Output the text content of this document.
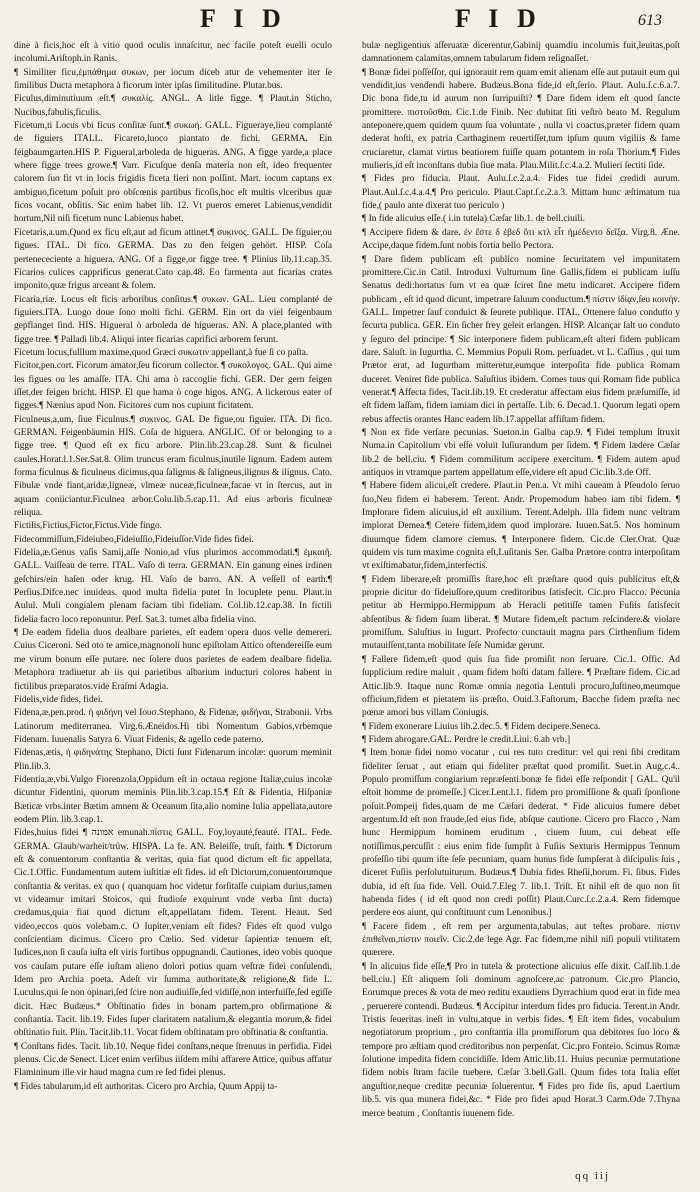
F I D	F I D	613

dine à ficis,hoc eſt à vitio quod oculis innaſcitur, nec facile poteſt euelli oculo incolumi.Ariſtoph.in Ranis.

¶ Similiter ficu,ἐμπάθημα συκων, per iocum diceb atur de vehementer iter ſe ſimilibus Ducta metaphora à ficorum inter ipſas ſimilitudine. Plutar.bus.

Ficulus,diminutiuum eſt.¶ συκαλίς. ANGL. A litle figge. ¶ Plaut.in Sticho, Nucibus,fabulis,ficulis.

Ficetum,ti Locus vbi ficus conſitæ ſunt.¶ συκωή. GALL. Figueraye,lieu complanté de figuiers ITALL. Ficareto,luoco piantato de fichi. GERMA. Ein feigbaumgarten.HIS P. Figueral,arboleda de higueras. ANG. A figge yarde,a place where figge trees growe.¶ Varr. Ficuſque denſa materia non eſt, ideo frequenter calorem ſuo fit vt in locis frigidis ficeta fieri non poſſint. Mart. iocum captans ex ambiguo,ficetum poſuit pro obſcœnis partibus ficoſis,hoc eſt multis vlceribus quæ ficos vocant, obſitis. Sic enim habet lib. 12. Vt pueros emeret Labienus,vendidit hortum,Nil niſi ficetum nunc Labienus habet.

Ficetaris,a.um.Quod ex ficu eſt,aut ad ficum attinet.¶ συκινος. GALL. De figuier,ou figues. ITAL. Di fico. GERMA. Das zu den feigen gehört. HISP. Coſa pertenececiente a higuera. ANG. Of a figge,or figge tree. ¶ Plinius lib.11.cap.35. Ficarios culices capprificus generat.Cato cap.48. Eo farmenta aut ficarias crates imponito,quæ frigus arceant & folem.

Ficaria,riæ. Locus eſt ficis arboribus conſitus.¶ συκων. GAL. Lieu complanté de figuiers.ITA. Luogo doue ſono molti fichi. GERM. Ein ort da viel feigenbaum gepflanget ſind. HIS. Higueral ò arboleda de higueras. AN. A place,planted with figge tree. ¶ Palladi lib.4. Aliqui inter ficarias caprifici arborem ferunt.

Ficetum locus,fulllum maxime,quod Græci συκωτιν appellant,à fue ſi co paſta.

Ficitor,pen.cort. Ficorum amator,ſeu ficorum collector. ¶ συκολογος. GAL. Qui aime les figues ou les amaſſe. ITA. Chi ama ò raccoglie fichi. GER. Der gern feigen iſſet,der feigen bricht. HISP. El que hama ò coge higos. ANG. A lickerous eater of figges.¶ Nænius apud Non. Ficitores cum nos cupiunt ficitatem.

Ficulneus,a,um, ſiue Ficulnus.¶ συκινος. GAL De figue,ou figuier. ITA. Di fico. GERMAN. Feigenbäumin HIS. Coſa de higuera. ANGLIC. Of or belonging to a figge tree. ¶ Quod eſt ex ficu arbore. Plin.lib.23.cap.28. Sunt & ficulnei caules.Horat.l.1.Ser.Sat.8. Olim truncus eram ficulnus,inutile lignum. Eadem autem forma ficulnus & ficulneus dicimus,qua ſalignus & ſaligneus,ilignus & ilignus. Cato. Fibulæ vnde fiant,aridæ,ligneæ, vlmeæ nuceæ,ficulneæ,facae vt in ſtercus, aut in aquam coniiciantur.Ficulnea arbor.Colu.lib.5.cap.11. Ad eius arboris ficulneæ reliqua.

Fictilis,Fictius,Fictor,Fictus.Vide fingo.

Fidecommiſſum,Fideiubeo,Fideiuſſio,Fideiuſſor.Vide fides fidei.

Fidelia,æ.Genus vaſis Samij,aſſe Nonio,ad vſus plurimos accommodati.¶ ἐμκαιῆ. GALL. Vaiſſeau de terre. ITAL. Vaſo di terra. GERMAN. Ein ganung eines irdinen geſchirs/ein haſen oder krug. HI. Vaſo de barro. AN. A veſſell of earth.¶ Perſius.Difce.nec inuideas. quod multa fidelia putet In locuplete penu. Plaut.in Aulul. Muli congialem plenam faciam tibi fideliam. Col.lib.12.cap.38. In fictili fidelia facro loco reponuntur. Perſ. Sat.3. tumet alba fidelia vino.

¶ De eadem fidelia duos dealbare parietes, eſt eadem opera duos velle demereri. Cuius Ciceroni. Sed oto te amice,magnonolí hunc epiſtolam Attico oftendereiſſe eum me virum bonum eſſe putare. nec ſolere duos parietes de eadem dealbare fidelia. Metaphora tradiuetur ab iis qui parietibus albarium inducturi colores habent in fictilibus præparatos.vide Eraſmi Adagia.

Fidelis,vide fides, fidei.

Fidena,æ,pen.prod. ἡ φιδήνη vel Ιουσ.Stephano, & Fidenæ, φιδήναι, Strabonii. Vrbs Latinorum mediterranea. Virg.6.Æneidos.Hi tibi Nomentum Gabios,vrbemque Fidenam. Iuuenalis Satyra 6. Viuat Fidenis, & agello cede paterno.

Fidenas,ætis, ἡ φιδηνάτης Stephano, Dicti ſunt Fidenarum incolæ: quorum meminit Plin.lib.3.

Fidentia,æ,vbi.Vulgo Fiorenzola,Oppidum eſt in octaua regione Italiæ,cuius incolæ dicuntur Fidentini, quorum meminis Plin.lib.3.cap.15.¶ Eſt & Fidentia, Hiſpaniæ Bæticæ vrbs.inter Bætim amnem & Oceanum ſita,alio nomine Iulia appellata,autore eodem Plin. lib.3.cap.1.

Fides,huius fidei ¶ אמונה emunah.πίστις GALL. Foy,loyauté,feauté. ITAL. Fede. GERMA. Glaub/warheit/trüw. HISPA. La fe. AN. Beleiſſe, truſt, faith. ¶ Dictorum eſt & conuentorum conſtantia & veritas, quia fiat quod dictum eſt fic appellata, Cic.1.Offic. Fundamentum autem iuſtitiæ eſt fides. id eſt Dictorum,conuentorumque conſtantia & veritas. ex quo ( quanquam hoc videtur forſitaſſe cuipiam durius,tamen vt videamur imitari Stoicos, qui ſtudioſe exquirunt vnde verba ſint ducta) credamus,quia fiat quod dictum eſt,appellatam fidem. Terent. Heaut. Sed video,eccos quos volebam.c. O Iupiter,veniam eſt fides? Fides eſt quod vulgo conſcientiam dicimus. Cicero pro Cælio. Sed videtur ſapientiæ tenuem eſt, Iudices,non ſi cauſa iuſta eſt viris fortibus oppugnandi. Cautiones, ideo vobis quoque vos cauſam putare eſſe iuſtam alieno dolori potius quam veſtræ fidei conſulendi. Idem pro Archia poeta. Adeſt vir ſumma authoritate,& religione,& fide L. Luculus,qui ſe non opinari,ſed ſcire non audiuiſſe,ſed vidiſſe,non interfuiſſe,ſed egiſſe dicit. Hæc Budæus.* Obſtinatio fides in bonam partem,pro obſirmatione & conſtantia. Tacit. lib.19. Fides ſuper claritatem natalium,& elegantia morum,& fidei obſtinatio fuit. Plin. Tacit.lib.11. Vocat fidem obſtinatam pro obſtinatia & conſtantia.

¶ Conſtans fides. Tacit. lib.10. Neque fidei conſtans,neque ſtrenuus in perfidia. Fidei plenus. Cic.de Senect. Licet enim verſibus iiſdem mihi affarere Attice, quibus affatur Flamininum ille vir haud magna cum re ſed fidei plenus.

¶ Fides tabularum,id eſt authoritas. Cicero pro Archia, Quum Appij ta-

bulæ negligentius aſſeruatæ dicerentur,Gabinij quamdiu incolumis fuit,leuitas,poſt damnationem calamitas,omnem tabularum fidem reſignaſſet.

¶ Bonæ fidei poſſeſſor, qui ignorauit rem quam emit alienam eſſe aut putauit eum qui vendidit,ius vendendi habere. Budæus.Bona fide,id eſt,ſerio. Plaut. Aulu.ſ.c.6.a.7. Dic bona fide,tu id aurum non ſurripuiſti? ¶ Dare fidem idem eſt quod ſancte promittere. πιστοῦσθαι. Cic.1.de Finib. Nec dubitat ſiti veſtrò beato M. Regulum anteponere,quem quidem quum ſua voluntate , nulla vi coactus,præter fidem quam dederat hoſti, ex patria Carthaginem reuertiſſet,tum ipſum quum vigiliis & fame cruciaretur, clamat virtus beatiorem fuiſſe quam potantem in roſa Thorium.¶ Fides mulieris,id eſt inconſtans dubia ſiue mala. Plau.Milit.ſ.c.4.a.2. Mulieri ſectiti ſide.

¶ Fides pro fiducia. Plaut. Aulu.ſ.c.2.a.4. Fides tue fidei credidi aurum. Plaut.Aul.ſ.c.4.a.4.¶ Pro periculo. Plaut.Capt.ſ.c.2.a.3. Mittam hunc æſtimatum tua fide,( paulo ante dixerat tuo periculo )

¶ In fide alicuius eſſe.( i.in tutela) Cæſar lib.1. de bell.ciuili.

¶ Accipere fidem & dare. ἐν ἔστε δ ἐβεδ ὅτι κτλ εἶτ ἡμέδεντο δεῖξα. Virg.8. Æne. Accipe,daque fidem.ſunt nobis fortia bello Pectora.

¶ Dare fidem publicam eſt publico nomine ſecuritatem vel impunitatem promittere.Cic.in Catil. Introduxi Vulturnum ſine Gallis,fidem ei publicam iuſſu Senatus dedi:hortatus ſum vt ea quæ ſciret ſine metu indicaret. Accipere fidem publicam , eſt id quod dicunt, impetrare ſaluum conductum.¶ πίστιν ἰδίᾳν,ſeu κοινὴν. GALL. Impetrer ſauf conduict & ſeurete publique. ITAL. Ottenere ſaluo condutto y ſecurta publica. GER. Ein ſicher frey geleit erlangen. HISP. Alcançar ſalt uo conduto y ſeguro del principe. ¶ Sic interponere fidem publicam,eſt alteri fidem publicam dare. Saluſt. in Iugurtha. C. Memmius Populi Rom. perſuadet. vt L. Caſſius , qui tum Prætor erat, ad Iugurtham mitteretur,eumque interpoſita fide publica Romam duceret. Veniret fide publica. Saluſtius ibidem. Comes tuus qui Romam fide publica venerat.¶ Affecta fides, Tacit.lib.19. Et crederatur affectam eius fidem præſumiſſe, id eſt fidem laſſam, fidem iamiam dici in pertaſſe. Lib. 6. Decad.1. Quorum legati opem rebus affectis orantes Hanc eadem lib.17.appellat affiſtam fidem.

¶ Non ex fide verſare pecunias. Sueton.in Galba cap.9. ¶ Fidei templum ſtruxit Numa.in Capitolium vbi eſſe voluit Iuſiurandum per ſidem. ¶ Fidem lædere Cæſar lib.2 de bell.ciu. ¶ Fidem commilitum accipere exercitum. ¶ Fidem autem apud antiquos in vtramque partem appellatum eſſe,videre eſt apud Cic.lib.3.de Off.

¶ Habere fidem alicui,eſt credere. Plaut.in Pen.a. Vt mihi caueam à Pſeudolo ſeruo ſuo,Neu fidem ei haberem. Terent. Andr. Propemodum habeo iam tibi fidem. ¶ Implorare fidem alicuius,id eſt auxilium. Terent.Adelph. Illa fidem nunc veſtram implorat Demea.¶ Cetere fidem,idem quod implorare. Iuuen.Sat.5. Nos hominum diuumque fidem clamore ciemus. ¶ Interponere fidem. Cic.de Cler.Orat. Quæ quidem vis tum maxime cognita eſt,Luſitanis Ser. Galba Prætore contra interpoſitam vt exiſtimabatur,fidem,interfectis.

¶ Fidem liberare,eſt promiſſis ſtare,hoc eſt præſtare quod quis publicitus eſt,& proprie dicitur do fideiuſſore,quum creditoribus ſatisfecit. Cic.pro Flacco. Pecunia petitur ab Hermippo.Hermippum ab Heracli petitiſſe tamen Fuſiis ſatisfecit abſentibus & fidem ſuam liberat. ¶ Mutare fidem,eſt pactum reſcindere.& violare promiſſum. Saluſtius in Iugurt. Profecto cunctauit magna pars Cirthenſium fidem mutauiſſent,tanta mobilitate ſeſe Numidæ gerunt.

¶ Fallere fidem,eſt quod quis ſua fide promiſit non ſeruare. Cic.1. Offic. Ad ſupplicium redire maluit , quam fidem hoſti datam fallere. ¶ Præſtare fidem. Cic.ad Attic.lib.9. Itaque nunc Romæ omnia negotia Lentuli procuro,ſuſtineo,meumque officium,fidem et pietatem iis præſto. Ouid.3.Faſtorum, Bacche fidem præſta nec pœnæ amori bus villam Coniugis.

¶ Fidem exonerare Liuius lib.2.dec.5. ¶ Fidem decipere.Seneca.

¶ Fidem abrogare.GAL. Perdre le credit.Liui. 6.ab vrb.]

¶ Item bonæ fidei nomo vocatur , cui res tuto creditur: vel qui reni ſibi creditam fideliter ſeruat , aut etiam qui fideliter præſtat quod promiſit. Suet.in Aug.c.4.. Populo promiſſum congiarium repræſenti.bonæ fe fidei eſſe reſpondit [ GAL. Qu'il eſtoit homme de promeſſe.] Cicer.Lent.l.1. fidem pro promiſſione & quaſi ſponſione poſuit.Pompeij fides,quam de me Cæſari dederat. * Fide alicuius fumere debet argentum.Id eſt non fraude,ſed eius fide, abſque cautione. Cicero pro Flacco , Nam hunc Hermippum hominem eruditum , ciuem ſuum, cui debeat eſſe notiſſimus,percuſſit : eius enim fide ſumpſit à Fuſiis Sexturis Hermippus Tennum proſeſſio tibi quum iſte ſeſe pecuniam, quam hunus fide ſumpſerat à diſcipulis ſuis , diceret Fuſiis perſolutuiturum. Budæus.¶ Dubia fides Rheſii,horum. Fi. ſibus. Fides dubia, id eſt ſua fide. Vell. Ouid.7.Eleg 7. lib.1. Triſt. Et nihil eſt de quo non ſit habenda fides ( id eſt quod non credi poſſit) Plaut.Curc.ſ.c.2.a.4. Rem fidemque perdere eos aiunt, qui conſtituunt cum Lenonibus.]

¶ Facere fidem , eſt rem per argumenta,tabulas, aut teſtes probare. πίστιν ἐπιθεῖναι,πίστιν ποιεῖν. Cic.2.de lege Agr. Fac fidem,me nihil niſi populi vtilitatem quærere.

¶ In alicuius fide eſſe,¶ Pro in tutela & protectione alicuius eſſe dixit. Caſſ.lib.1.de bell.ciu.] Eſt aliquem ſoli dominum agnoſcere,ac patronum. Cic.pro Plancio, Eorumque preces & vota de meo reditu exaudiens Dyrrachium quod erat in fide mea , peruerere contendi. Budæus. ¶ Accipitur interdum fides pro fiducia. Terent.in Andr. Tristis ſeueritas ineſt in vultu,atque in verbis fides. ¶ Eſt item fides, vocabulum negotiatorum proprium , pro conſtantia illa promiſſorum qua debitores ſuo loco & tempore pro æſtiam quod creditoribus non perpenſat. Cic.pro Fonteio. Scimus Romæ ſolutione impedita fidem concidiſſe. Idem Attic.lib.11. Huius pecuniæ permutatione fidem nobis ſtram facile tuebere. Cæſar 3.bell.Gall. Quum fides tota Italia eſſet anguſtior,neque creditæ pecuniæ ſoluerentur. ¶ Fides pro fide ſis, apud Laertium lib.5. vis qua munera fidei,&c. * Fide pro fidei apud Horat.3 Carm.Ode 7.Thyna merce beatum , Conſtantis iuuenem fide.

qq iij
